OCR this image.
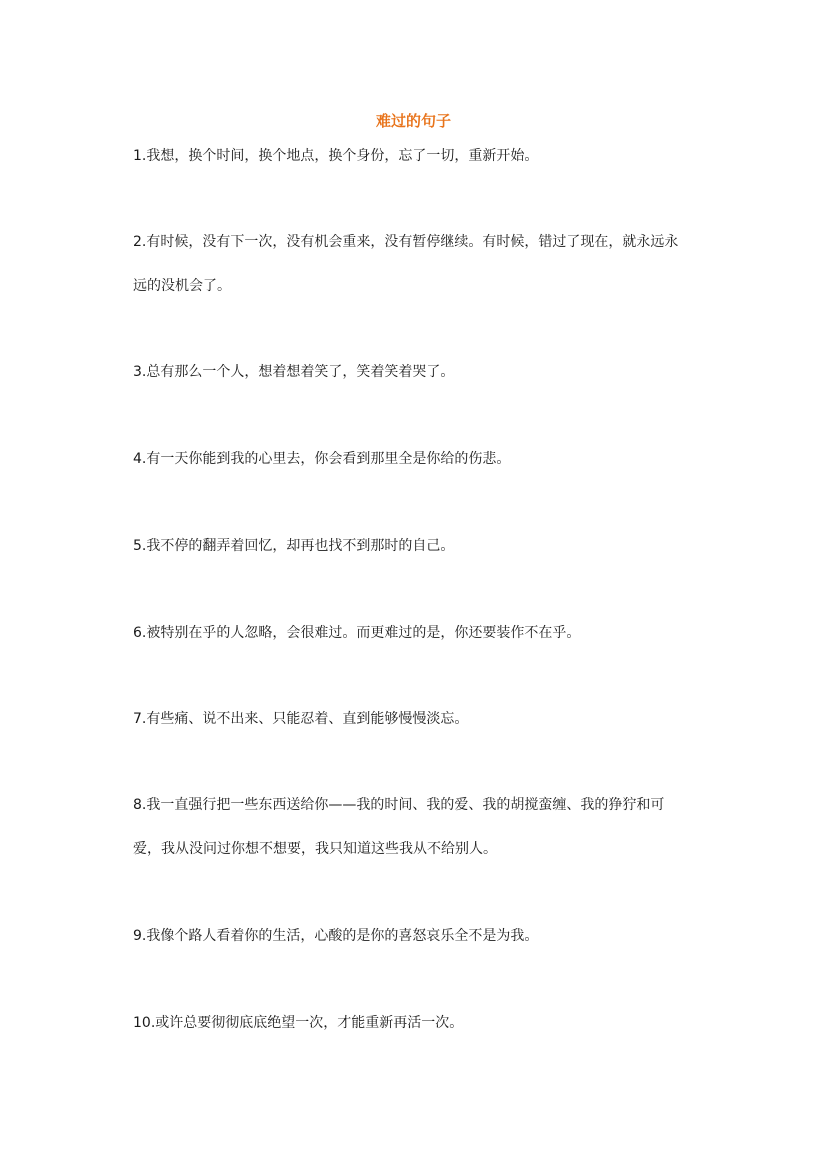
难过的句子

1.我想，换个时间，换个地点，换个身份，忘了一切，重新开始。

2.有时候，没有下一次，没有机会重来，没有暂停继续。有时候，错过了现在，就永远永
远的没机会了。

3.总有那么一个人，想着想着笑了，笑着笑着哭了。

4.有一天你能到我的心里去，你会看到那里全是你给的伤悲。

5.我不停的翻弄着回忆，却再也找不到那时的自己。

6.被特别在乎的人忽略，会很难过。而更难过的是，你还要装作不在乎。

7.有些痛、说不出来、只能忍着、直到能够慢慢淡忘。

8.我一直强行把一些东西送给你——我的时间、我的爱、我的胡搅蛮缠、我的狰狞和可
爱，我从没问过你想不想要，我只知道这些我从不给别人。

9.我像个路人看着你的生活，心酸的是你的喜怒哀乐全不是为我。

10.或许总要彻彻底底绝望一次，才能重新再活一次。
